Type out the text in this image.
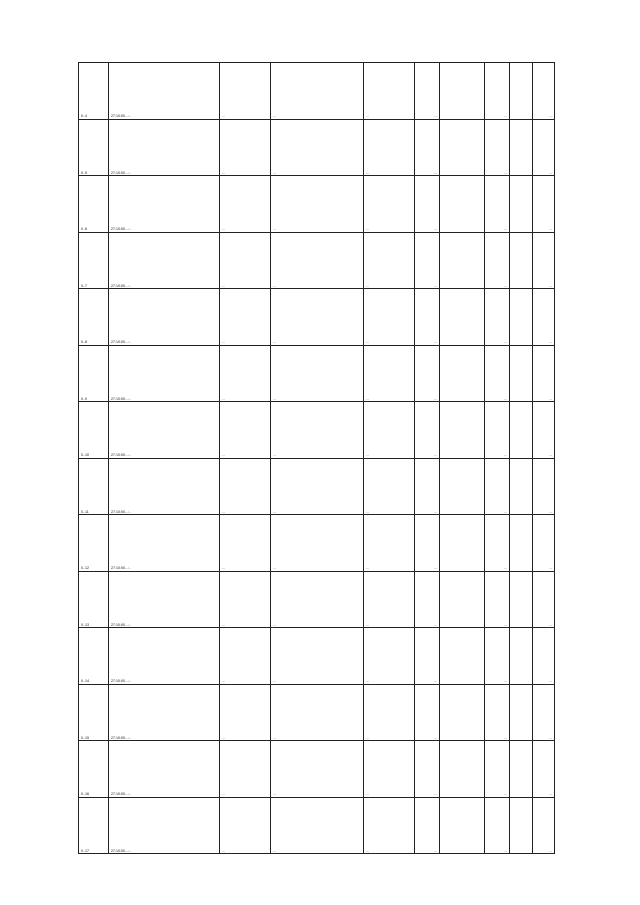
0..4	27:10:00...:..	...	...	...	...		...		...
0..5	27:10:00...:..	...	...	...	...		...		...
0..6	27:10:00...:..	...	...	...	...		...		...
0..7	27:10:00...:..	...	...	...	...		...		...
0..8	27:10:00...:..	...	...	...	...		...		...
0..9	27:10:00...:..	...	...	...	...		...		...
0..10	27:10:00...:..	...	...	...	...		...		...
0..11	27:10:00...:..	...	...	...	...		...		...
0..12	27:10:00...:..	...	...	...	...		...		...
0..13	27:10:00...:..	...	...	...	...		...		...
0..14	27:10:00...:..	...	...	...	...		...		...
0..15	27:10:00...:..	...	...	...	...		...		...
0..16	27:10:00...:..	...	...	...	...		...		...
0..17	27:10:00...:..	...	...	...	...		...		...
